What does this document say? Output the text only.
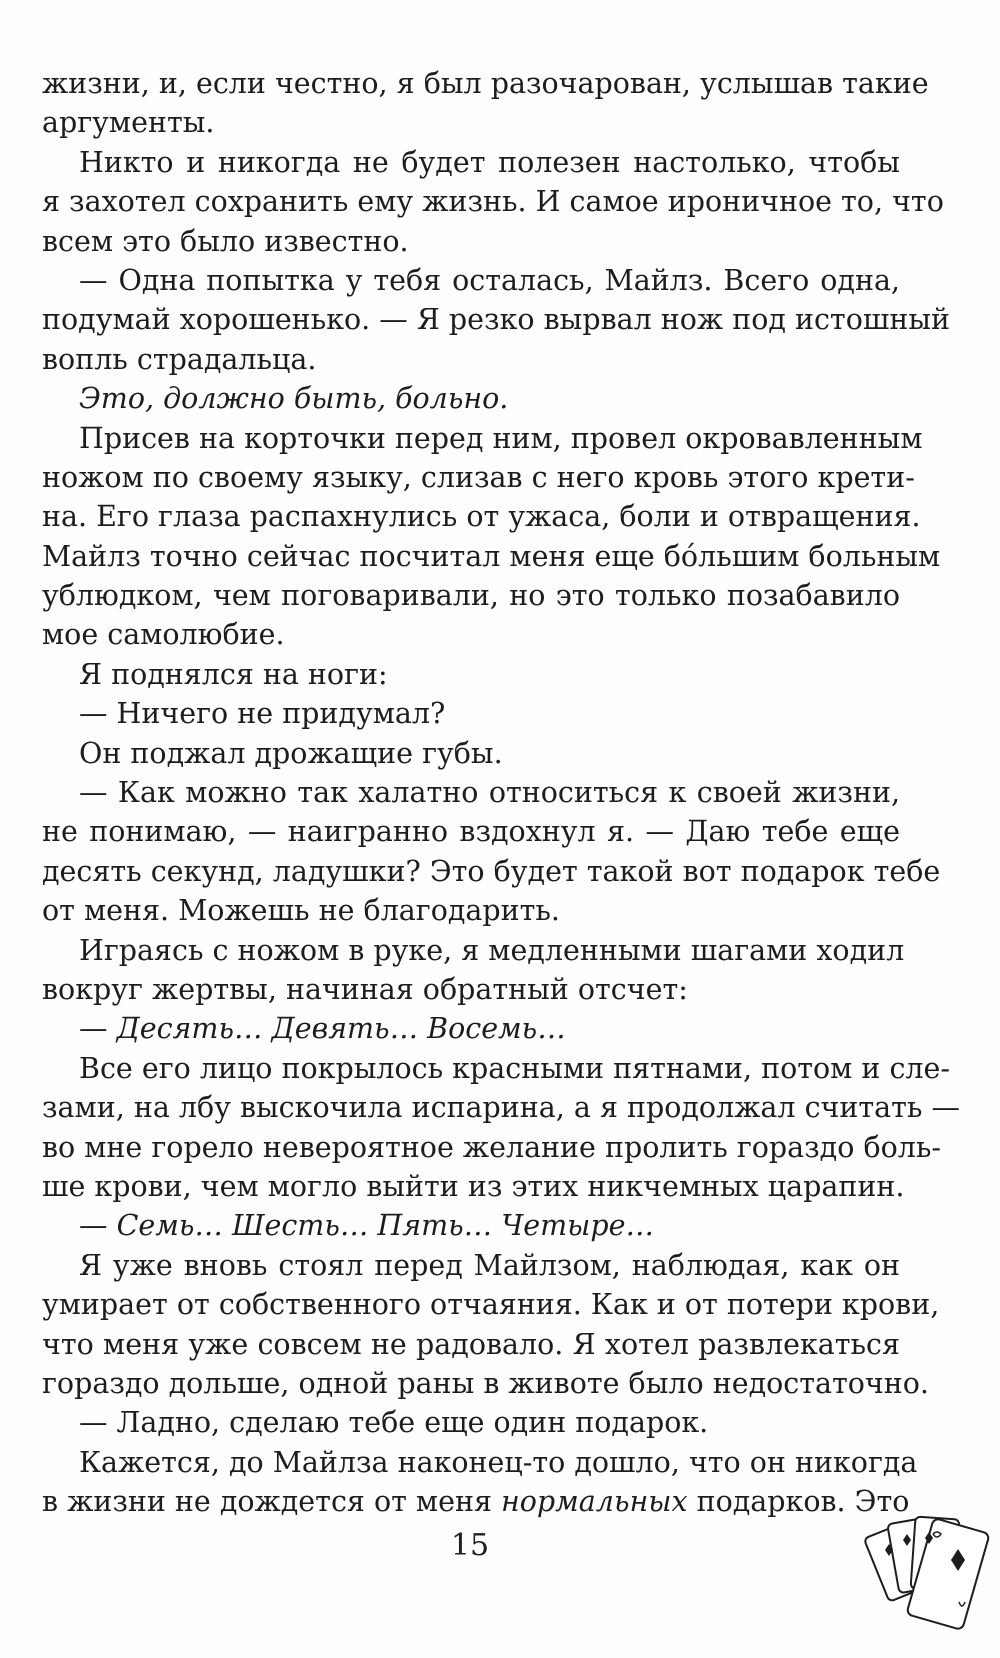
жизни, и, если честно, я был разочарован, услышав такие
аргументы.
Никто и никогда не будет полезен настолько, чтобы
я захотел сохранить ему жизнь. И самое ироничное то, что
всем это было известно.
— Одна попытка у тебя осталась, Майлз. Всего одна,
подумай хорошенько. — Я резко вырвал нож под истошный
вопль страдальца.
Это, должно быть, больно.
Присев на корточки перед ним, провел окровавленным
ножом по своему языку, слизав с него кровь этого крети-
на. Его глаза распахнулись от ужаса, боли и отвращения.
Майлз точно сейчас посчитал меня еще бо́льшим больным
ублюдком, чем поговаривали, но это только позабавило
мое самолюбие.
Я поднялся на ноги:
— Ничего не придумал?
Он поджал дрожащие губы.
— Как можно так халатно относиться к своей жизни,
не понимаю, — наигранно вздохнул я. — Даю тебе еще
десять секунд, ладушки? Это будет такой вот подарок тебе
от меня. Можешь не благодарить.
Играясь с ножом в руке, я медленными шагами ходил
вокруг жертвы, начиная обратный отсчет:
— Десять… Девять… Восемь…
Все его лицо покрылось красными пятнами, потом и сле-
зами, на лбу выскочила испарина, а я продолжал считать —
во мне горело невероятное желание пролить гораздо боль-
ше крови, чем могло выйти из этих никчемных царапин.
— Семь… Шесть… Пять… Четыре…
Я уже вновь стоял перед Майлзом, наблюдая, как он
умирает от собственного отчаяния. Как и от потери крови,
что меня уже совсем не радовало. Я хотел развлекаться
гораздо дольше, одной раны в животе было недостаточно.
— Ладно, сделаю тебе еще один подарок.
Кажется, до Майлза наконец-то дошло, что он никогда
в жизни не дождется от меня нормальных подарков. Это
15
